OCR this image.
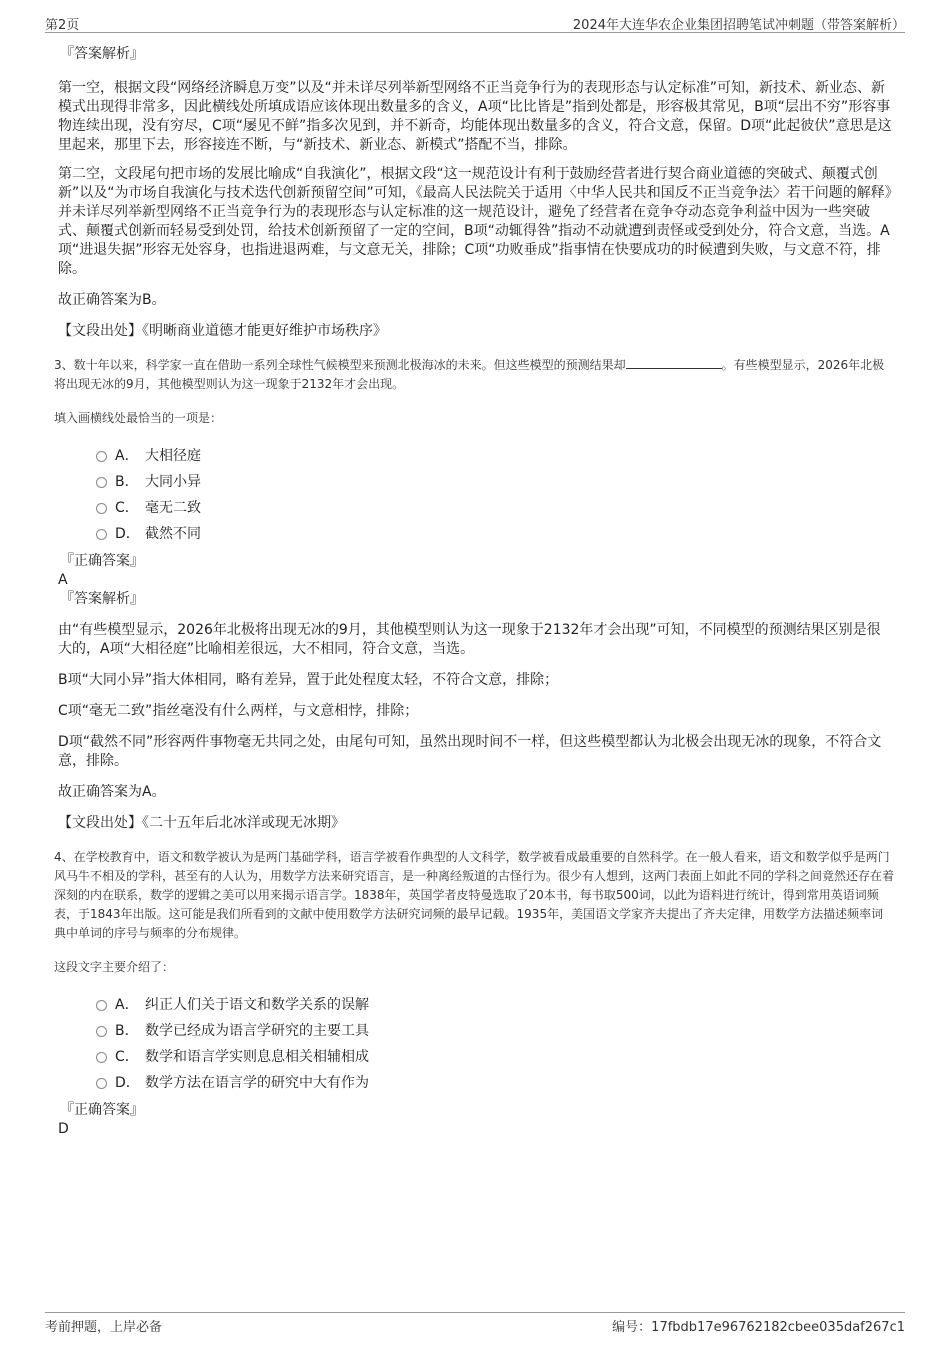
第2页	2024年大连华农企业集团招聘笔试冲刺题（带答案解析）

『答案解析』

第一空，根据文段“网络经济瞬息万变”以及“并未详尽列举新型网络不正当竞争行为的表现形态与认定标准”可知，新技术、新业态、新模式出现得非常多，因此横线处所填成语应该体现出数量多的含义，A项“比比皆是”指到处都是，形容极其常见，B项“层出不穷”形容事物连续出现，没有穷尽，C项“屡见不鲜”指多次见到，并不新奇，均能体现出数量多的含义，符合文意，保留。D项“此起彼伏”意思是这里起来，那里下去，形容接连不断，与“新技术、新业态、新模式”搭配不当，排除。

第二空，文段尾句把市场的发展比喻成“自我演化”，根据文段“这一规范设计有利于鼓励经营者进行契合商业道德的突破式、颠覆式创新”以及“为市场自我演化与技术迭代创新预留空间”可知，《最高人民法院关于适用〈中华人民共和国反不正当竞争法〉若干问题的解释》并未详尽列举新型网络不正当竞争行为的表现形态与认定标准的这一规范设计，避免了经营者在竞争夺动态竞争利益中因为一些突破式、颠覆式创新而轻易受到处罚，给技术创新预留了一定的空间，B项“动辄得咎”指动不动就遭到责怪或受到处分，符合文意，当选。A项“进退失据”形容无处容身，也指进退两难，与文意无关，排除；C项“功败垂成”指事情在快要成功的时候遭到失败，与文意不符，排除。

故正确答案为B。

【文段出处】《明晰商业道德才能更好维护市场秩序》

3、数十年以来，科学家一直在借助一系列全球性气候模型来预测北极海冰的未来。但这些模型的预测结果却	。有些模型显示，2026年北极将出现无冰的9月，其他模型则认为这一现象于2132年才会出现。

填入画横线处最恰当的一项是：

A． 大相径庭
B． 大同小异
C． 毫无二致
D． 截然不同

『正确答案』

A

『答案解析』

由“有些模型显示，2026年北极将出现无冰的9月，其他模型则认为这一现象于2132年才会出现”可知，不同模型的预测结果区别是很大的，A项“大相径庭”比喻相差很远，大不相同，符合文意，当选。

B项“大同小异”指大体相同，略有差异，置于此处程度太轻，不符合文意，排除；

C项“毫无二致”指丝毫没有什么两样，与文意相悖，排除；

D项“截然不同”形容两件事物毫无共同之处，由尾句可知，虽然出现时间不一样，但这些模型都认为北极会出现无冰的现象，不符合文意，排除。

故正确答案为A。

【文段出处】《二十五年后北冰洋或现无冰期》

4、在学校教育中，语文和数学被认为是两门基础学科，语言学被看作典型的人文科学，数学被看成最重要的自然科学。在一般人看来，语文和数学似乎是两门风马牛不相及的学科，甚至有的人认为，用数学方法来研究语言，是一种离经叛道的古怪行为。很少有人想到，这两门表面上如此不同的学科之间竟然还存在着深刻的内在联系，数学的逻辑之美可以用来揭示语言学。1838年，英国学者皮特曼选取了20本书，每书取500词，以此为语料进行统计，得到常用英语词频表，于1843年出版。这可能是我们所看到的文献中使用数学方法研究词频的最早记载。1935年，美国语文学家齐夫提出了齐夫定律，用数学方法描述频率词典中单词的序号与频率的分布规律。

这段文字主要介绍了：

A． 纠正人们关于语文和数学关系的误解
B． 数学已经成为语言学研究的主要工具
C． 数学和语言学实则息息相关相辅相成
D． 数学方法在语言学的研究中大有作为

『正确答案』

D

考前押题，上岸必备	编号：17fbdb17e96762182cbee035daf267c1
